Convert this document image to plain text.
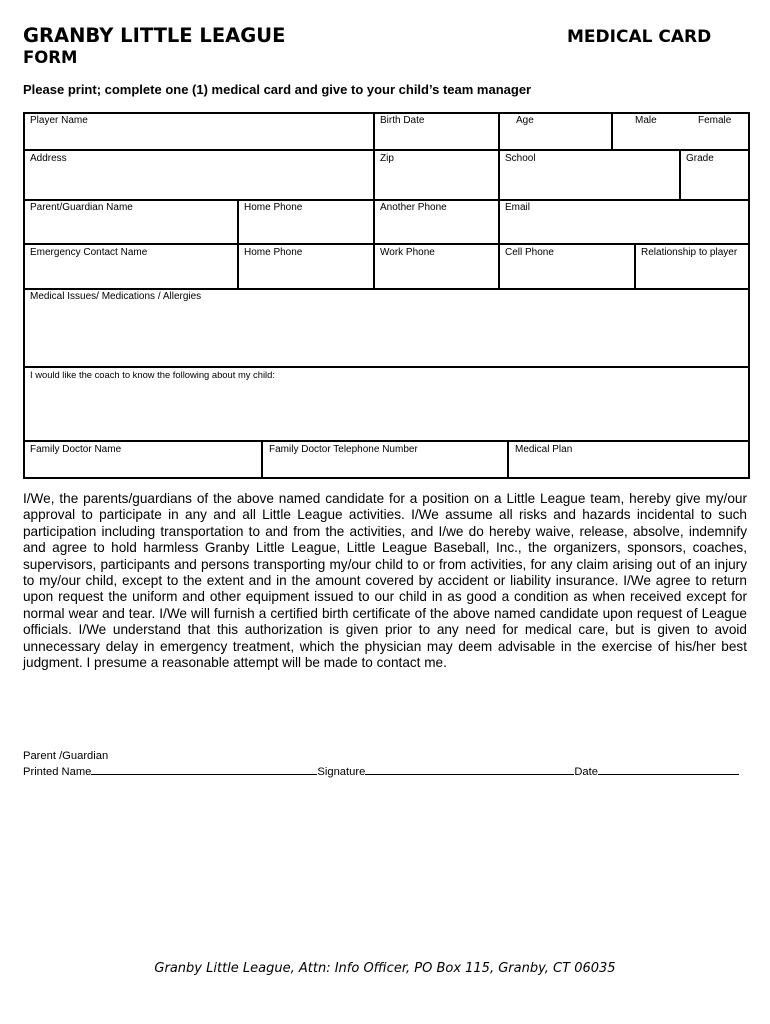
GRANBY LITTLE LEAGUE
FORM
MEDICAL CARD
Please print; complete one (1) medical card and give to your child’s team manager
Player Name	Birth Date	Age	Male	Female
Address	Zip	School	Grade
Parent/Guardian Name	Home Phone	Another Phone	Email
Emergency Contact Name	Home Phone	Work Phone	Cell Phone	Relationship to player
Medical Issues/ Medications / Allergies
I would like the coach to know the following about my child:
Family Doctor Name	Family Doctor Telephone Number	Medical Plan

I/We, the parents/guardians of the above named candidate for a position on a Little League team, hereby give my/our approval to participate in any and all Little League activities. I/We assume all risks and hazards incidental to such participation including transportation to and from the activities, and I/we do hereby waive, release, absolve, indemnify and agree to hold harmless Granby Little League, Little League Baseball, Inc., the organizers, sponsors, coaches, supervisors, participants and persons transporting my/our child to or from activities, for any claim arising out of an injury to my/our child, except to the extent and in the amount covered by accident or liability insurance. I/We agree to return upon request the uniform and other equipment issued to our child in as good a condition as when received except for normal wear and tear. I/We will furnish a certified birth certificate of the above named candidate upon request of League officials. I/We understand that this authorization is given prior to any need for medical care, but is given to avoid unnecessary delay in emergency treatment, which the physician may deem advisable in the exercise of his/her best judgment. I presume a reasonable attempt will be made to contact me.

Parent /Guardian
Printed Name	Signature	Date
Granby Little League, Attn: Info Officer, PO Box 115, Granby, CT 06035
